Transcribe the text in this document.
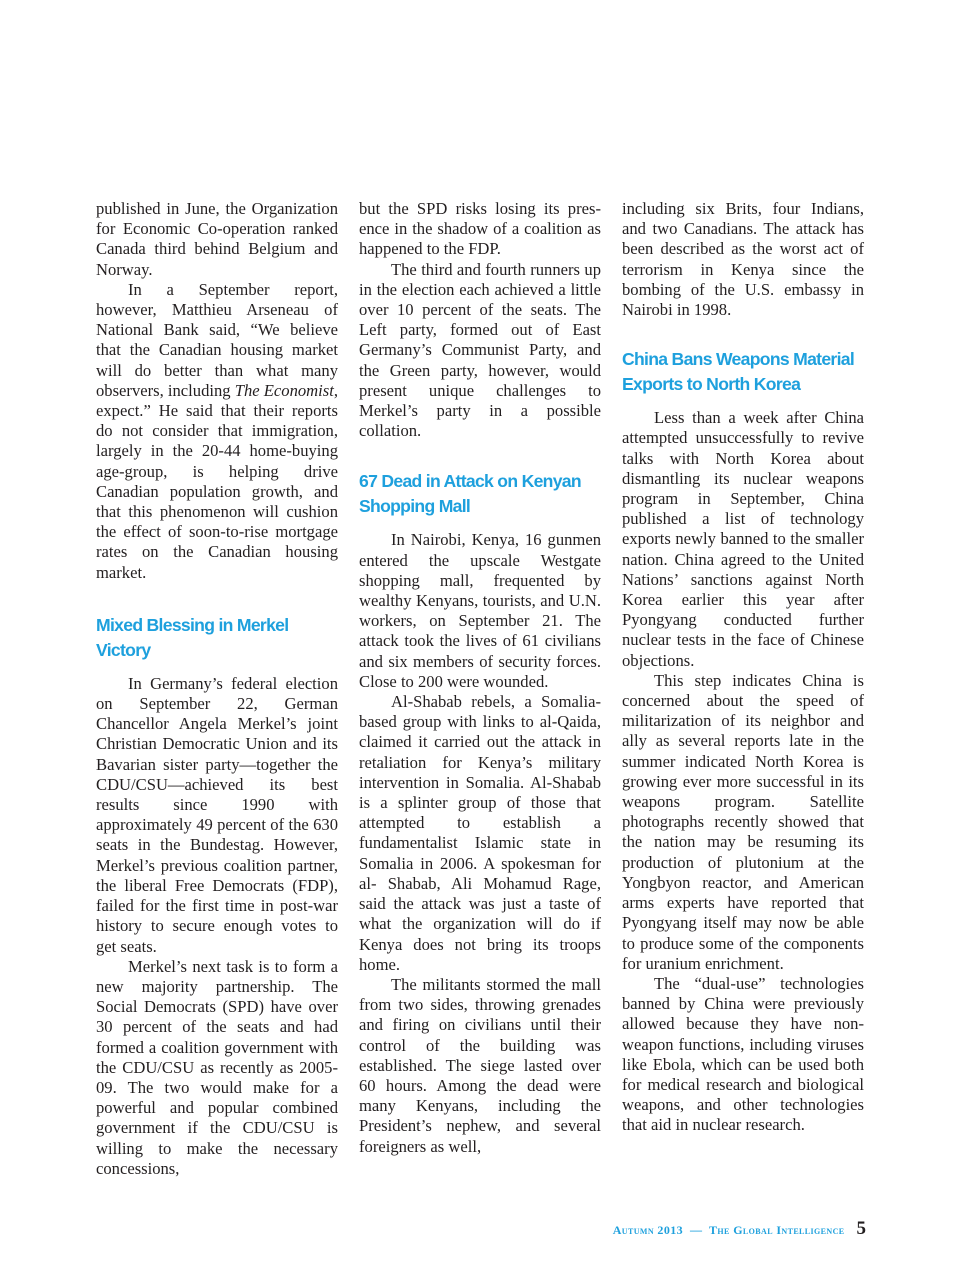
published in June, the Organization for Economic Co-operation ranked Canada third behind Belgium and Norway.

In a September report, however, Matthieu Arseneau of National Bank said, “We believe that the Canadian housing market will do better than what many observers, including The Economist, expect.” He said that their reports do not consider that immigration, largely in the 20-44 home-buying age-group, is helping drive Canadian population growth, and that this phenomenon will cushion the effect of soon-to-rise mortgage rates on the Canadian housing market.

Mixed Blessing in Merkel Victory

In Germany’s federal election on September 22, German Chancellor Angela Merkel’s joint Christian Democratic Union and its Bavarian sister party—together the CDU/CSU—achieved its best results since 1990 with approximately 49 percent of the 630 seats in the Bundestag. However, Merkel’s previous coalition partner, the liberal Free Democrats (FDP), failed for the first time in post-war history to secure enough votes to get seats.

Merkel’s next task is to form a new majority partnership. The Social Democrats (SPD) have over 30 percent of the seats and had formed a coalition government with the CDU/CSU as recently as 2005-09. The two would make for a powerful and popular combined government if the CDU/CSU is willing to make the necessary concessions,

but the SPD risks losing its presence in the shadow of a coalition as happened to the FDP.

The third and fourth runners up in the election each achieved a little over 10 percent of the seats. The Left party, formed out of East Germany’s Communist Party, and the Green party, however, would present unique challenges to Merkel’s party in a possible collation.

67 Dead in Attack on Kenyan Shopping Mall

In Nairobi, Kenya, 16 gunmen entered the upscale Westgate shopping mall, frequented by wealthy Kenyans, tourists, and U.N. workers, on September 21. The attack took the lives of 61 civilians and six members of security forces. Close to 200 were wounded.

Al-Shabab rebels, a Somalia-based group with links to al-Qaida, claimed it carried out the attack in retaliation for Kenya’s military intervention in Somalia. Al-Shabab is a splinter group of those that attempted to establish a fundamentalist Islamic state in Somalia in 2006. A spokesman for al- Shabab, Ali Mohamud Rage, said the attack was just a taste of what the organization will do if Kenya does not bring its troops home.

The militants stormed the mall from two sides, throwing grenades and firing on civilians until their control of the building was established. The siege lasted over 60 hours. Among the dead were many Kenyans, including the President’s nephew, and several foreigners as well,

including six Brits, four Indians, and two Canadians. The attack has been described as the worst act of terrorism in Kenya since the bombing of the U.S. embassy in Nairobi in 1998.

China Bans Weapons Material Exports to North Korea

Less than a week after China attempted unsuccessfully to revive talks with North Korea about dismantling its nuclear weapons program in September, China published a list of technology exports newly banned to the smaller nation. China agreed to the United Nations’ sanctions against North Korea earlier this year after Pyongyang conducted further nuclear tests in the face of Chinese objections.

This step indicates China is concerned about the speed of militarization of its neighbor and ally as several reports late in the summer indicated North Korea is growing ever more successful in its weapons program. Satellite photographs recently showed that the nation may be resuming its production of plutonium at the Yongbyon reactor, and American arms experts have reported that Pyongyang itself may now be able to produce some of the components for uranium enrichment.

The “dual-use” technologies banned by China were previously allowed because they have non-weapon functions, including viruses like Ebola, which can be used both for medical research and biological weapons, and other technologies that aid in nuclear research.

Autumn 2013 — The Global Intelligence 5
